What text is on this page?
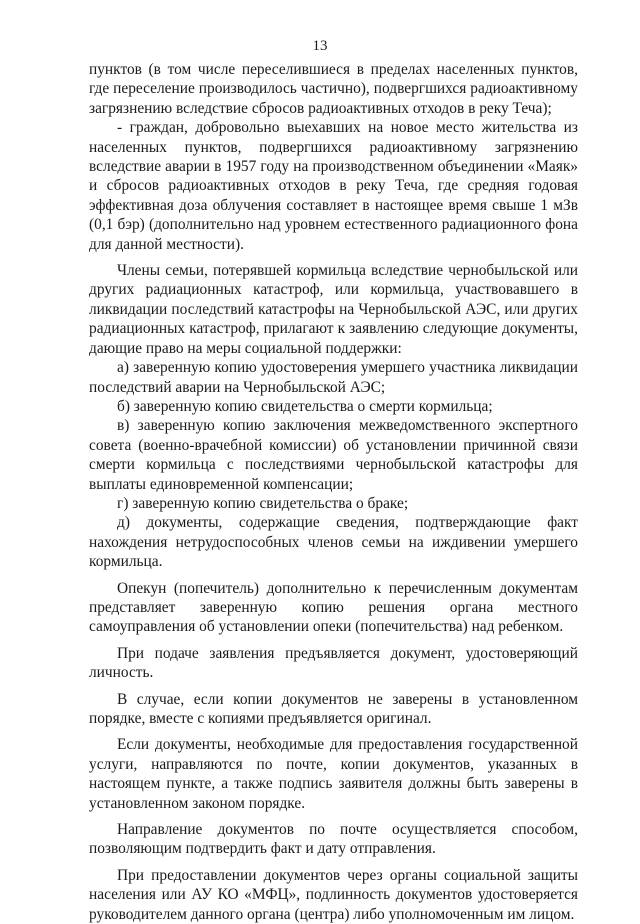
13

пунктов (в том числе переселившиеся в пределах населенных пунктов, где переселение производилось частично), подвергшихся радиоактивному загрязнению вследствие сбросов радиоактивных отходов в реку Теча);

- граждан, добровольно выехавших на новое место жительства из населенных пунктов, подвергшихся радиоактивному загрязнению вследствие аварии в 1957 году на производственном объединении «Маяк» и сбросов радиоактивных отходов в реку Теча, где средняя годовая эффективная доза облучения составляет в настоящее время свыше 1 мЗв (0,1 бэр) (дополнительно над уровнем естественного радиационного фона для данной местности).

Члены семьи, потерявшей кормильца вследствие чернобыльской или других радиационных катастроф, или кормильца, участвовавшего в ликвидации последствий катастрофы на Чернобыльской АЭС, или других радиационных катастроф, прилагают к заявлению следующие документы, дающие право на меры социальной поддержки:

а) заверенную копию удостоверения умершего участника ликвидации последствий аварии на Чернобыльской АЭС;

б) заверенную копию свидетельства о смерти кормильца;

в) заверенную копию заключения межведомственного экспертного совета (военно-врачебной комиссии) об установлении причинной связи смерти кормильца с последствиями чернобыльской катастрофы для выплаты единовременной компенсации;

г) заверенную копию свидетельства о браке;

д) документы, содержащие сведения, подтверждающие факт нахождения нетрудоспособных членов семьи на иждивении умершего кормильца.

Опекун (попечитель) дополнительно к перечисленным документам представляет заверенную копию решения органа местного самоуправления об установлении опеки (попечительства) над ребенком.

При подаче заявления предъявляется документ, удостоверяющий личность.

В случае, если копии документов не заверены в установленном порядке, вместе с копиями предъявляется оригинал.

Если документы, необходимые для предоставления государственной услуги, направляются по почте, копии документов, указанных в настоящем пункте, а также подпись заявителя должны быть заверены в установленном законом порядке.

Направление документов по почте осуществляется способом, позволяющим подтвердить факт и дату отправления.

При предоставлении документов через органы социальной защиты населения или АУ КО «МФЦ», подлинность документов удостоверяется руководителем данного органа (центра) либо уполномоченным им лицом.
